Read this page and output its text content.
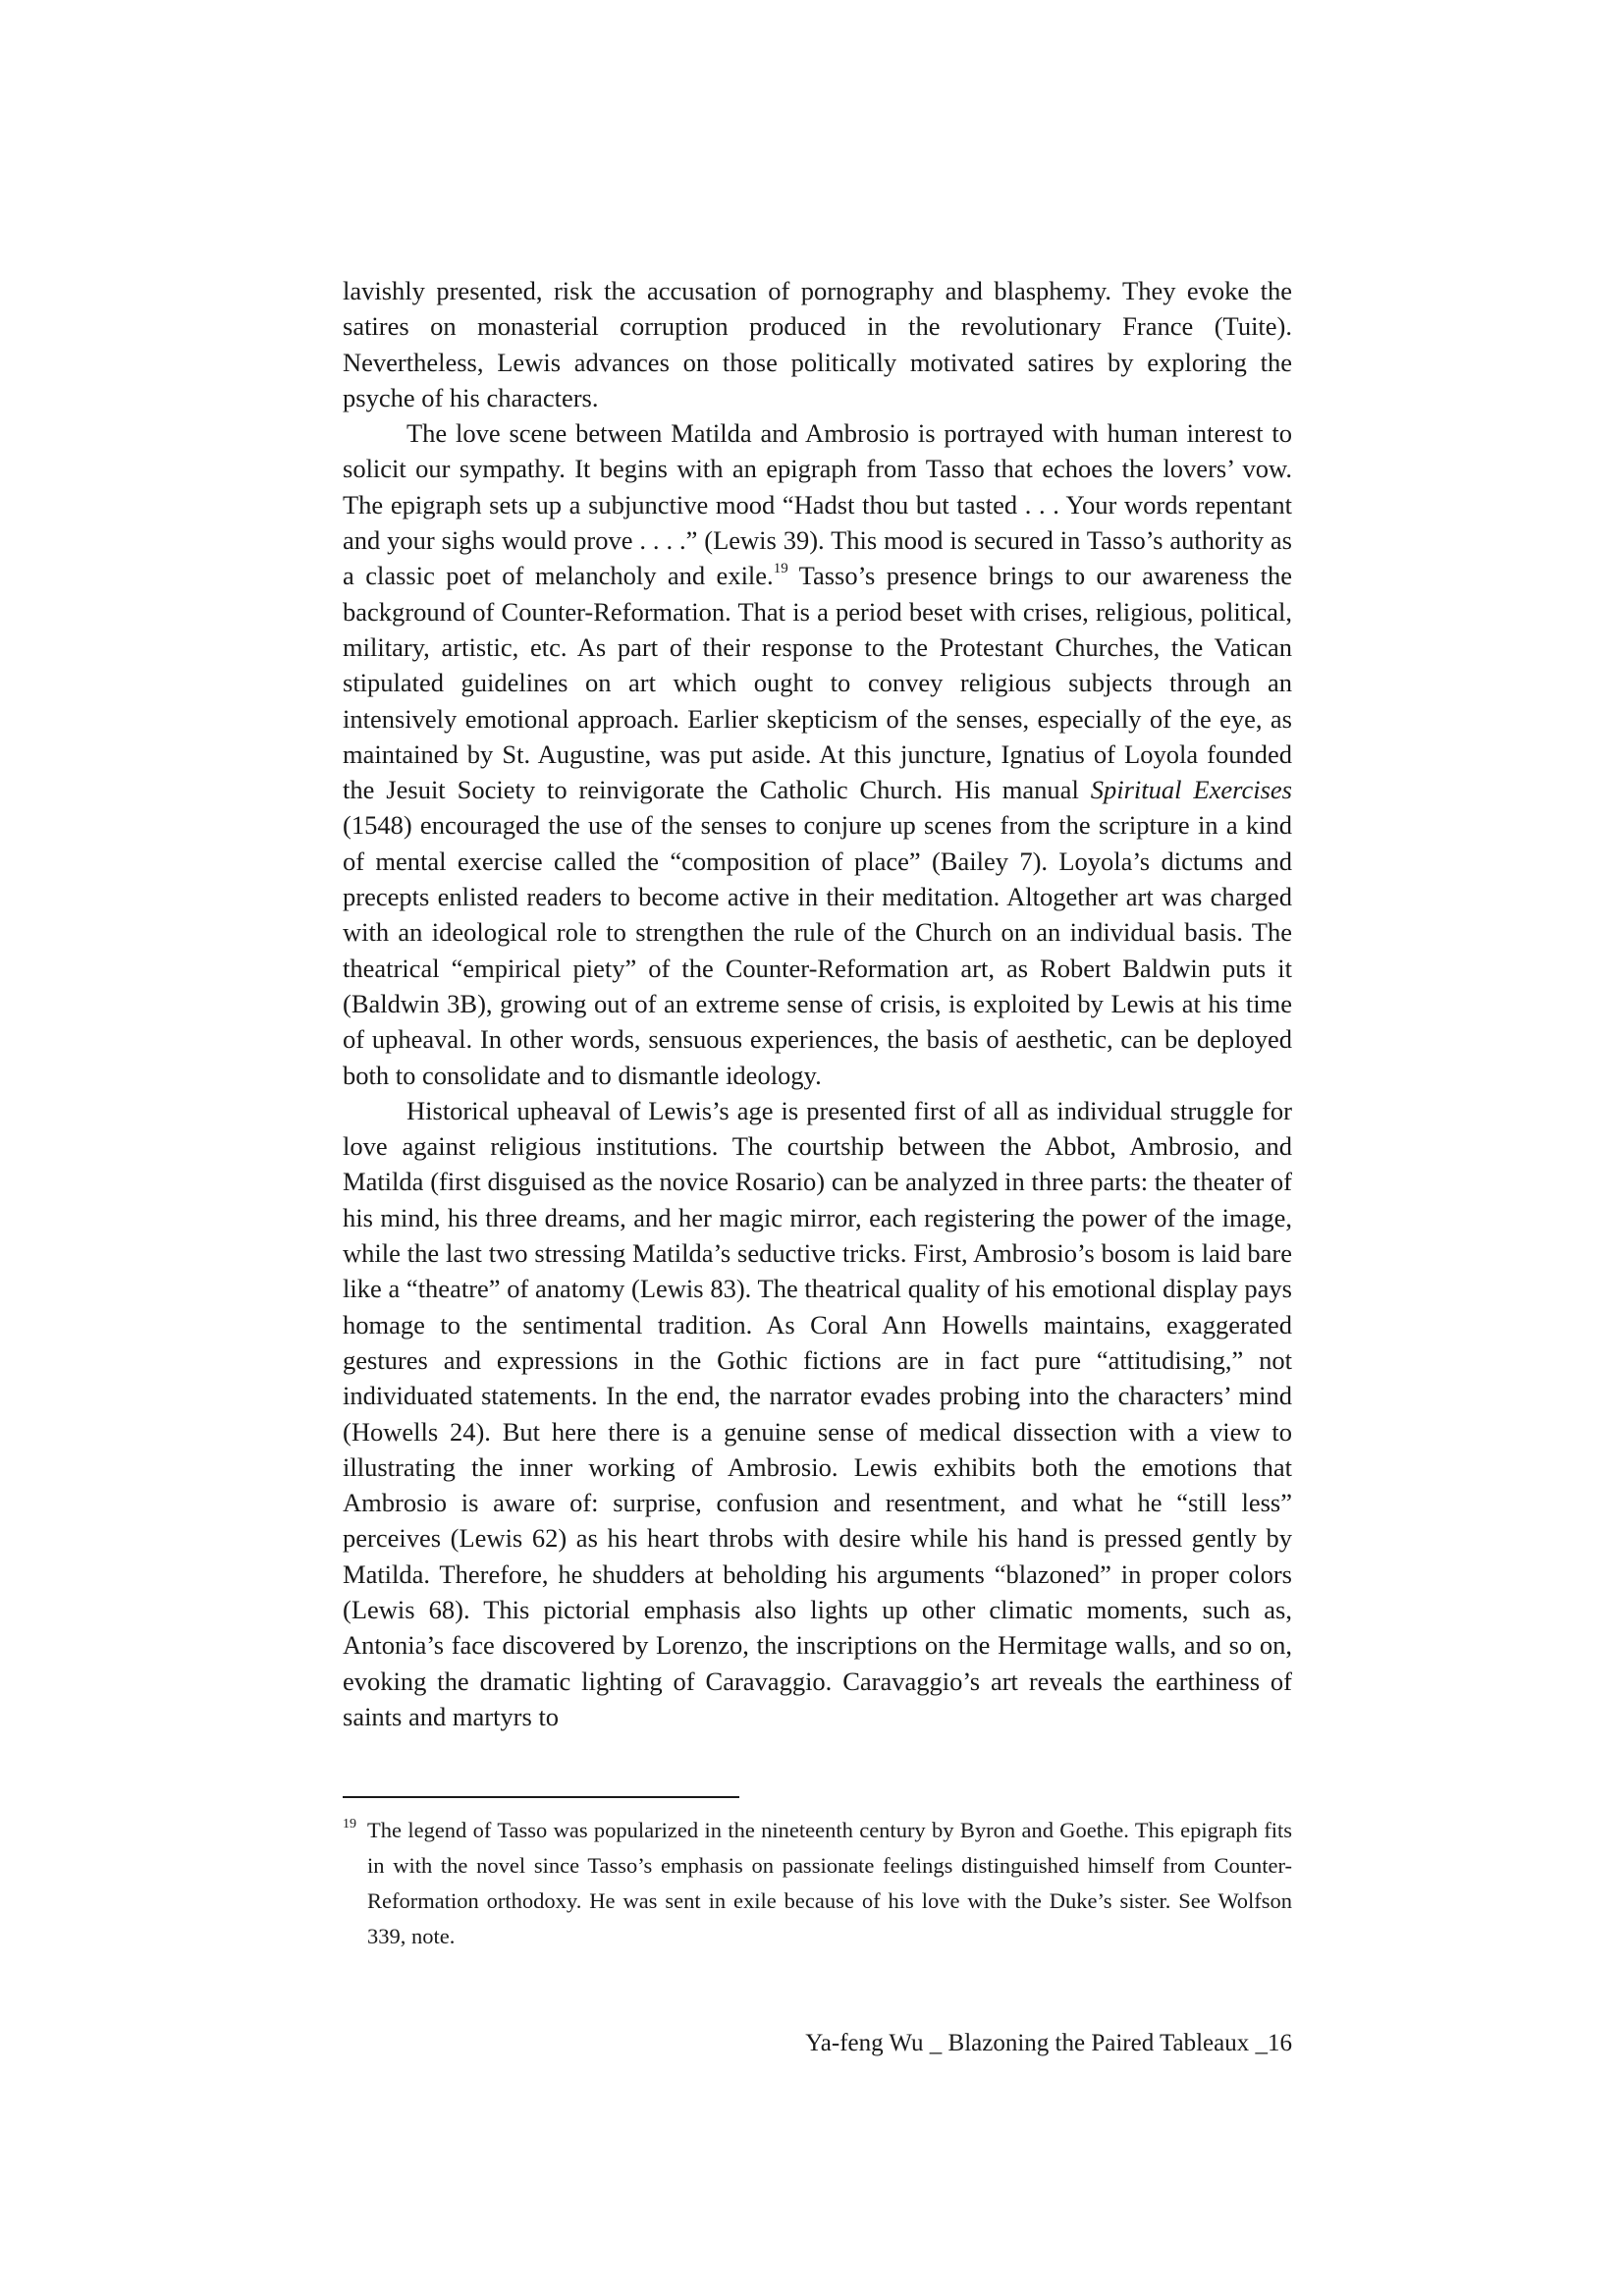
lavishly presented, risk the accusation of pornography and blasphemy. They evoke the satires on monasterial corruption produced in the revolutionary France (Tuite). Nevertheless, Lewis advances on those politically motivated satires by exploring the psyche of his characters.

The love scene between Matilda and Ambrosio is portrayed with human interest to solicit our sympathy. It begins with an epigraph from Tasso that echoes the lovers’ vow. The epigraph sets up a subjunctive mood “Hadst thou but tasted . . . Your words repentant and your sighs would prove . . . .” (Lewis 39). This mood is secured in Tasso’s authority as a classic poet of melancholy and exile.$^{19}$ Tasso’s presence brings to our awareness the background of Counter-Reformation. That is a period beset with crises, religious, political, military, artistic, etc. As part of their response to the Protestant Churches, the Vatican stipulated guidelines on art which ought to convey religious subjects through an intensively emotional approach. Earlier skepticism of the senses, especially of the eye, as maintained by St. Augustine, was put aside. At this juncture, Ignatius of Loyola founded the Jesuit Society to reinvigorate the Catholic Church. His manual Spiritual Exercises (1548) encouraged the use of the senses to conjure up scenes from the scripture in a kind of mental exercise called the “composition of place” (Bailey 7). Loyola’s dictums and precepts enlisted readers to become active in their meditation. Altogether art was charged with an ideological role to strengthen the rule of the Church on an individual basis. The theatrical “empirical piety” of the Counter-Reformation art, as Robert Baldwin puts it (Baldwin 3B), growing out of an extreme sense of crisis, is exploited by Lewis at his time of upheaval. In other words, sensuous experiences, the basis of aesthetic, can be deployed both to consolidate and to dismantle ideology.

Historical upheaval of Lewis’s age is presented first of all as individual struggle for love against religious institutions. The courtship between the Abbot, Ambrosio, and Matilda (first disguised as the novice Rosario) can be analyzed in three parts: the theater of his mind, his three dreams, and her magic mirror, each registering the power of the image, while the last two stressing Matilda’s seductive tricks. First, Ambrosio’s bosom is laid bare like a “theatre” of anatomy (Lewis 83). The theatrical quality of his emotional display pays homage to the sentimental tradition. As Coral Ann Howells maintains, exaggerated gestures and expressions in the Gothic fictions are in fact pure “attitudising,” not individuated statements. In the end, the narrator evades probing into the characters’ mind (Howells 24). But here there is a genuine sense of medical dissection with a view to illustrating the inner working of Ambrosio. Lewis exhibits both the emotions that Ambrosio is aware of: surprise, confusion and resentment, and what he “still less” perceives (Lewis 62) as his heart throbs with desire while his hand is pressed gently by Matilda. Therefore, he shudders at beholding his arguments “blazoned” in proper colors (Lewis 68). This pictorial emphasis also lights up other climatic moments, such as, Antonia’s face discovered by Lorenzo, the inscriptions on the Hermitage walls, and so on, evoking the dramatic lighting of Caravaggio. Caravaggio’s art reveals the earthiness of saints and martyrs to

$^{19}$ The legend of Tasso was popularized in the nineteenth century by Byron and Goethe. This epigraph fits in with the novel since Tasso’s emphasis on passionate feelings distinguished himself from Counter-Reformation orthodoxy. He was sent in exile because of his love with the Duke’s sister. See Wolfson 339, note.
Ya-feng Wu _ Blazoning the Paired Tableaux _16
